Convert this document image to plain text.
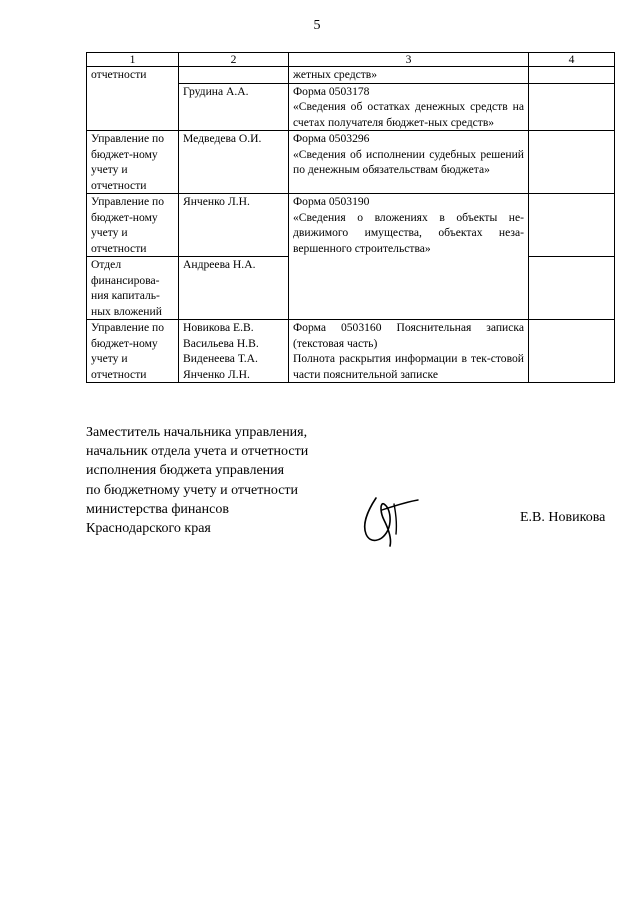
5
1	2	3	4
отчетности		жетных средств»	

	Грудина А.А.	Форма 0503178
«Сведения об остатках денежных средств на счетах получателя бюджет-ных средств»	

Управление по бюджет-ному учету и отчетности	Медведева О.И.	Форма 0503296
«Сведения об исполнении судебных решений по денежным обязательствам бюджета»	

Управление по бюджет-ному учету и отчетности	Янченко Л.Н.	Форма 0503190
«Сведения о вложениях в объекты не-движимого имущества, объектах неза-вершенного строительства»	

Отдел финансирова-ния капиталь-ных вложений	Андреева Н.А.		
Управление по бюджет-ному учету и отчетности	Новикова Е.В. Васильева Н.В. Виденеева Т.А. Янченко Л.Н.	Форма 0503160 Пояснительная записка (текстовая часть)
Полнота раскрытия информации в тек-стовой части пояснительной записке	

Заместитель начальника управления,
начальник отдела учета и отчетности
исполнения бюджета управления
по бюджетному учету и отчетности
министерства финансов
Краснодарского края
Е.В. Новикова
